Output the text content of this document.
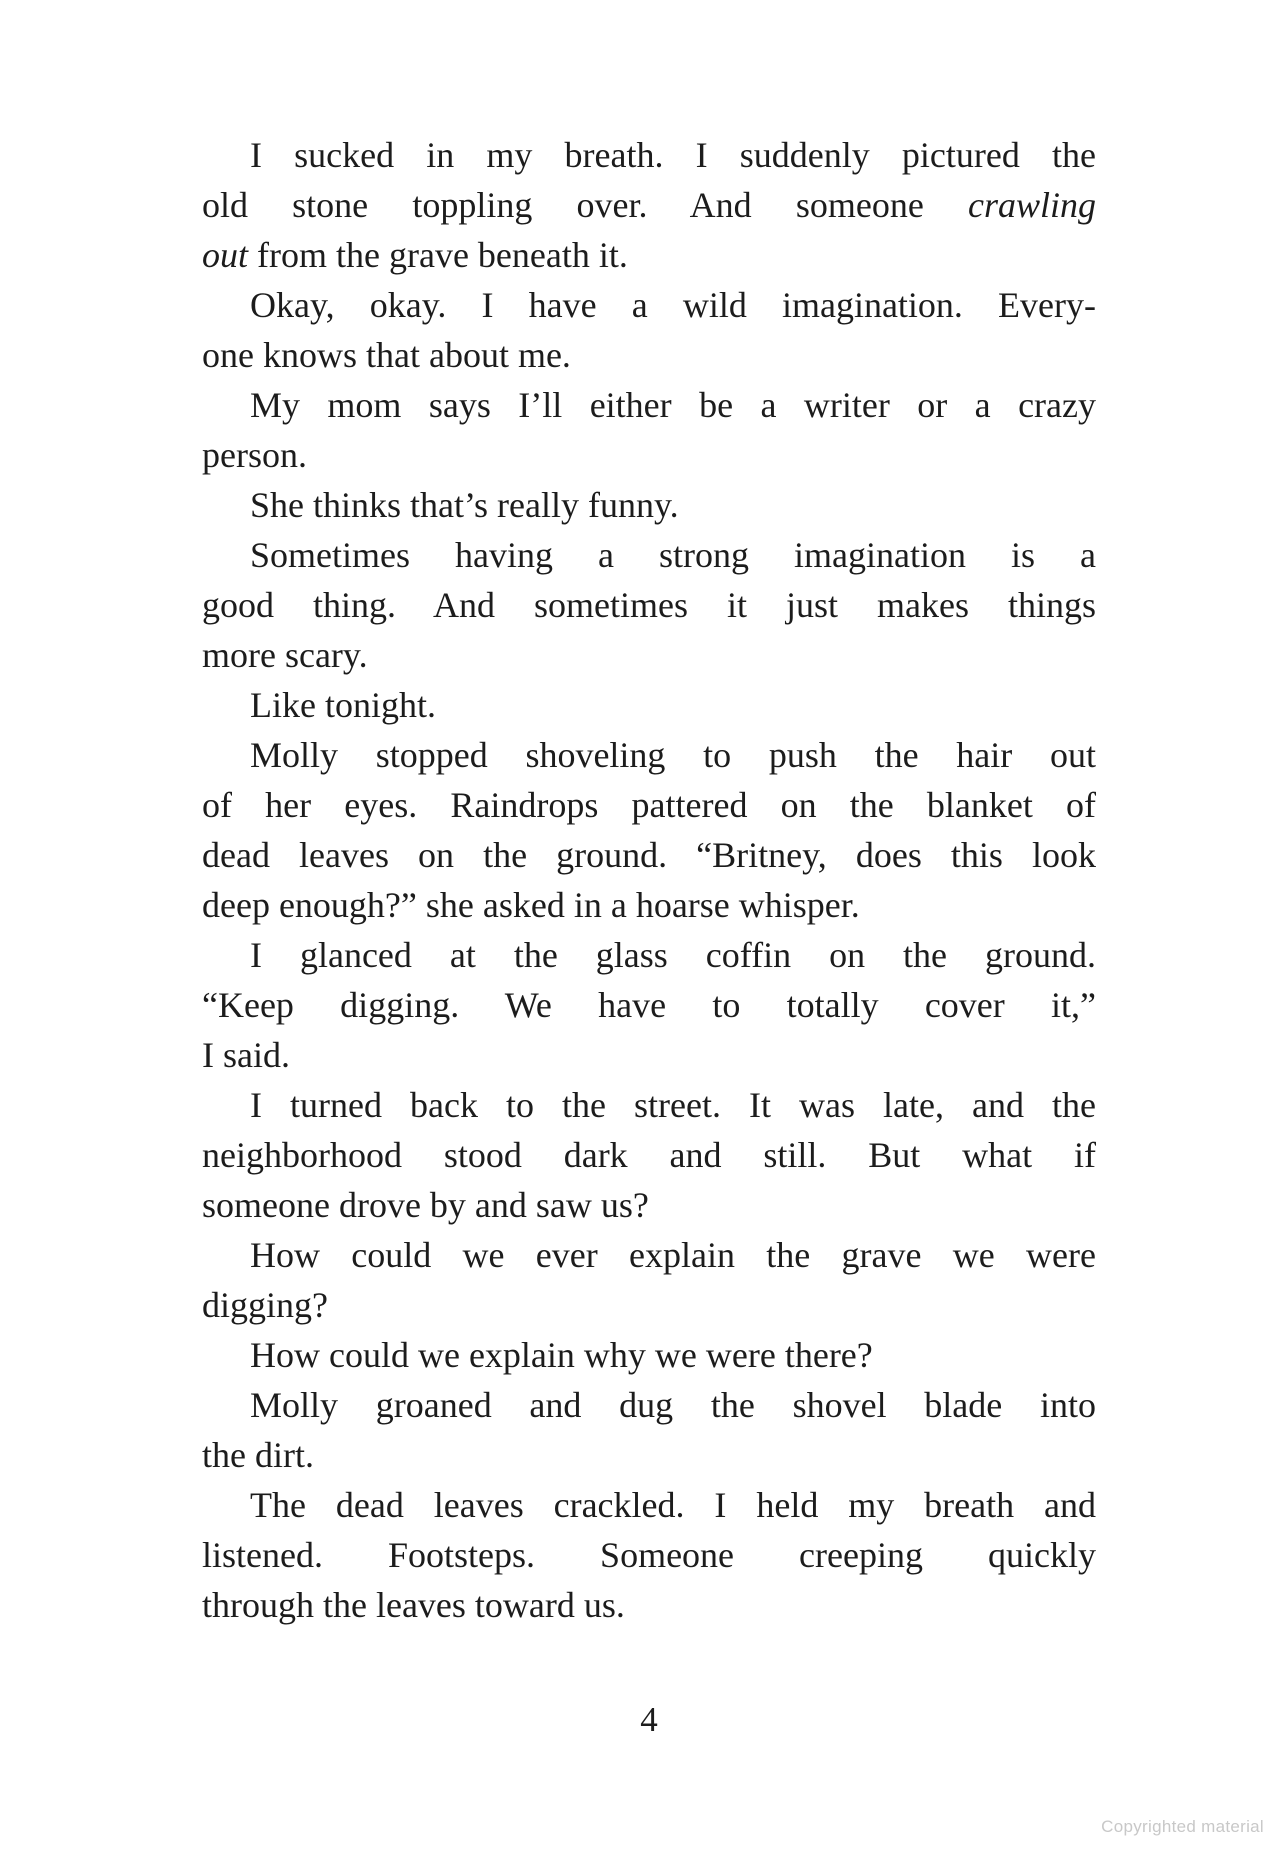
I sucked in my breath. I suddenly pictured the
old stone toppling over. And someone crawling
out from the grave beneath it.
Okay, okay. I have a wild imagination. Every-
one knows that about me.
My mom says I’ll either be a writer or a crazy
person.
She thinks that’s really funny.
Sometimes having a strong imagination is a
good thing. And sometimes it just makes things
more scary.
Like tonight.
Molly stopped shoveling to push the hair out
of her eyes. Raindrops pattered on the blanket of
dead leaves on the ground. “Britney, does this look
deep enough?” she asked in a hoarse whisper.
I glanced at the glass coffin on the ground.
“Keep digging. We have to totally cover it,”
I said.
I turned back to the street. It was late, and the
neighborhood stood dark and still. But what if
someone drove by and saw us?
How could we ever explain the grave we were
digging?
How could we explain why we were there?
Molly groaned and dug the shovel blade into
the dirt.
The dead leaves crackled. I held my breath and
listened. Footsteps. Someone creeping quickly
through the leaves toward us.
4
Copyrighted material
